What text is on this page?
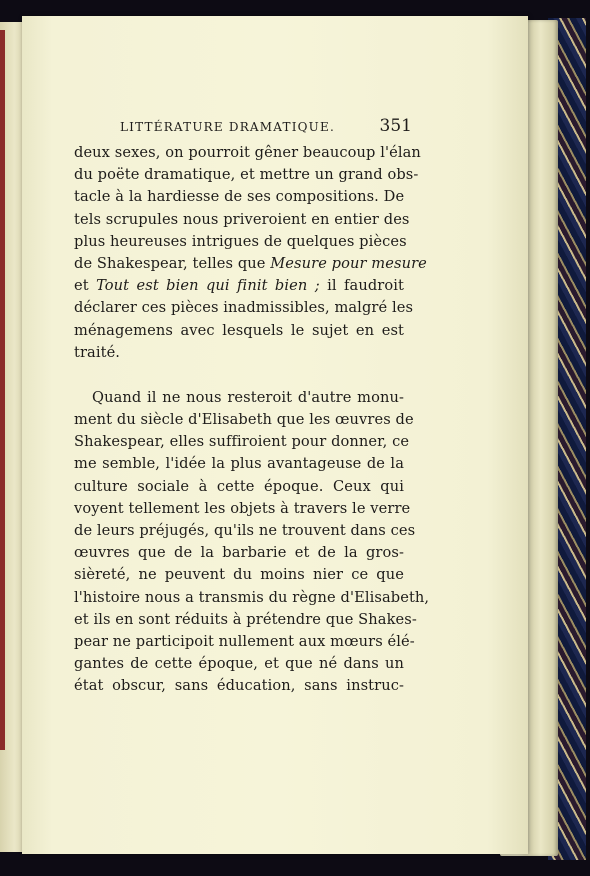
LITTÉRATURE DRAMATIQUE.	351
deux sexes, on pourroit gêner beaucoup l'élan
du poëte dramatique, et mettre un grand obs-
tacle à la hardiesse de ses compositions. De
tels scrupules nous priveroient en entier des
plus heureuses intrigues de quelques pièces
de Shakespear, telles que Mesure pour mesure
et Tout est bien qui finit bien ; il faudroit
déclarer ces pièces inadmissibles, malgré les
ménagemens avec lesquels le sujet en est
traité.
Quand il ne nous resteroit d'autre monu-
ment du siècle d'Elisabeth que les œuvres de
Shakespear, elles suffiroient pour donner, ce
me semble, l'idée la plus avantageuse de la
culture sociale à cette époque. Ceux qui
voyent tellement les objets à travers le verre
de leurs préjugés, qu'ils ne trouvent dans ces
œuvres que de la barbarie et de la gros-
sièreté, ne peuvent du moins nier ce que
l'histoire nous a transmis du règne d'Elisabeth,
et ils en sont réduits à prétendre que Shakes-
pear ne participoit nullement aux mœurs élé-
gantes de cette époque, et que né dans un
état obscur, sans éducation, sans instruc-
